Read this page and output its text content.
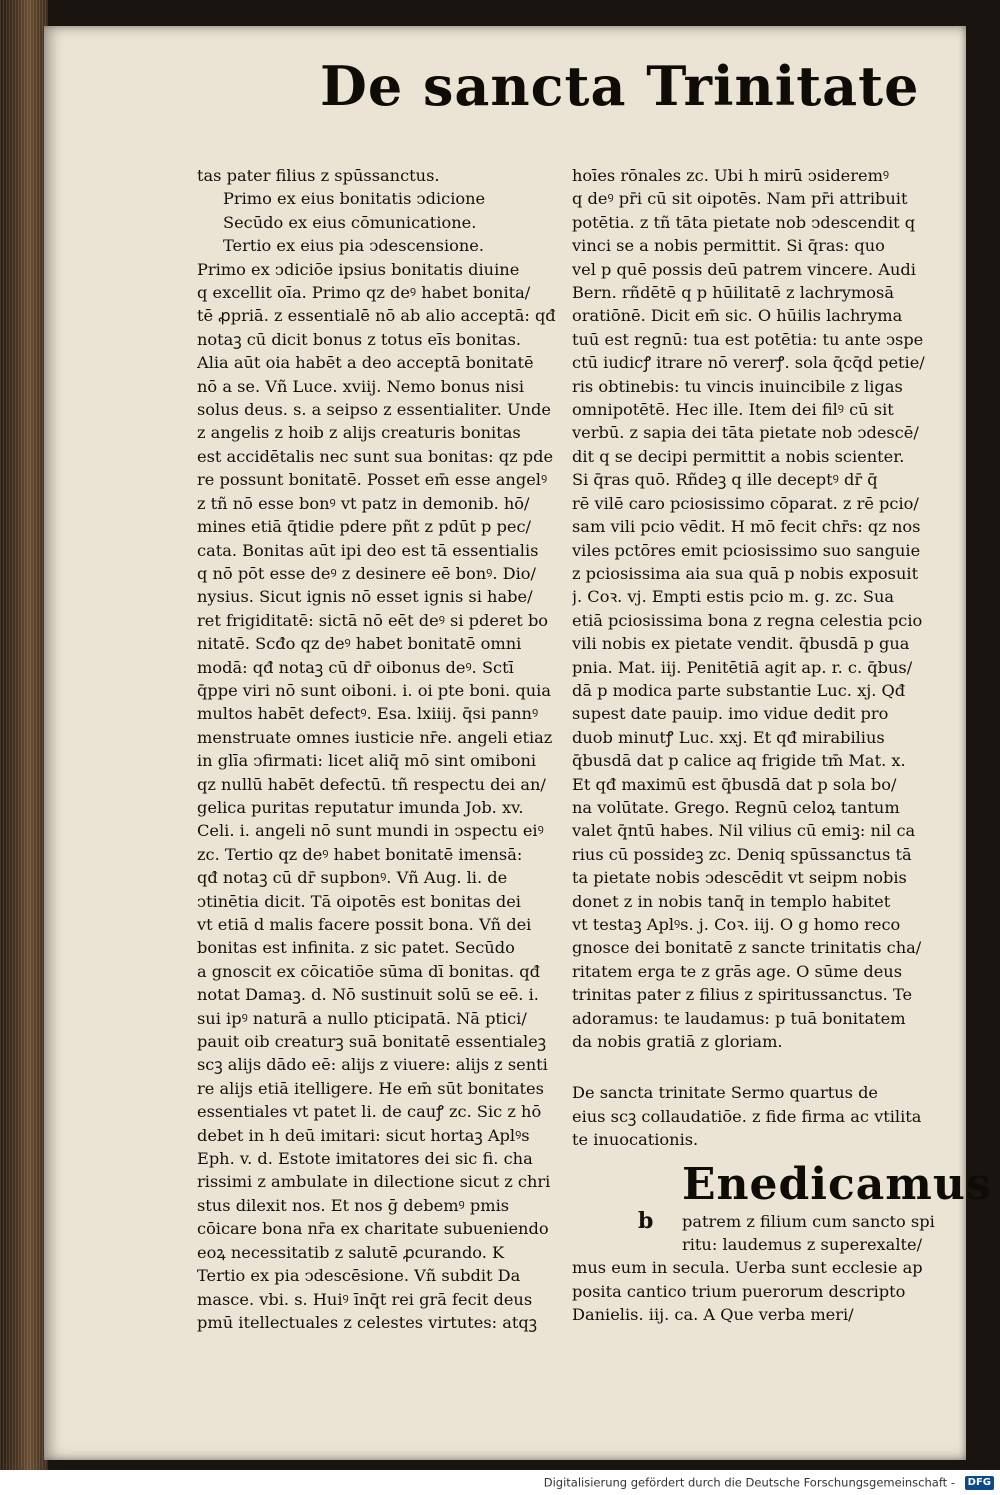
De sancta Trinitate

tas pater filius z spūssanctus.

Primo ex eius bonitatis ↄdicione

Secūdo ex eius cōmunicatione.

Tertio ex eius pia ↄdescensione.

Primo ex ↄdiciōe ipsius bonitatis diuine

q excellit oīa. Primo qz deꝰ habet bonita/

tē ꝓpriā. z essentialē nō ab alio acceptā: qđ

notaꝫ cū dicit bonus z totus eīs bonitas.

Alia aūt oia habēt a deo acceptā bonitatē

nō a se. Vñ Luce. xviij. Nemo bonus nisi

solus deus. s. a seipso z essentialiter. Unde

z angelis z hoib z alijs creaturis bonitas

est accidētalis nec sunt sua bonitas: qz pde

re possunt bonitatē. Posset em̄ esse angelꝰ

z tñ nō esse bonꝰ vt patz in demonib. hō/

mines etiā q̄tidie pdere pñt z pdūt p pec/

cata. Bonitas aūt ipi deo est tā essentialis

q nō pōt esse deꝰ z desinere eē bonꝰ. Dio/

nysius. Sicut ignis nō esset ignis si habe/

ret frigiditatē: sictā nō eēt deꝰ si pderet bo

nitatē. Scđo qz deꝰ habet bonitatē omni

modā: qđ notaꝫ cū dr̄ oibonus deꝰ. Sctī

q̄ppe viri nō sunt oiboni. i. oi pte boni. quia

multos habēt defectꝰ. Esa. lxiiij. q̄si pannꝰ

menstruate omnes iusticie nr̄e. angeli etiaz

in glīa ↄfirmati: licet aliq̄ mō sint omiboni

qz nullū habēt defectū. tñ respectu dei an/

gelica puritas reputatur imunda Job. xv.

Celi. i. angeli nō sunt mundi in ↄspectu eiꝰ

zc. Tertio qz deꝰ habet bonitatē imensā:

qđ notaꝫ cū dr̄ supbonꝰ. Vñ Aug. li. de

ↄtinētia dicit. Tā oipotēs est bonitas dei

vt etiā d malis facere possit bona. Vñ dei

bonitas est infinita. z sic patet. Secūdo

a gnoscit ex cōicatiōe sūma dī bonitas. qđ

notat Damaꝫ. d. Nō sustinuit solū se eē. i.

sui ipꝰ naturā a nullo pticipatā. Nā ptici/

pauit oib creaturꝫ suā bonitatē essentialeꝫ

scꝫ alijs dādo eē: alijs z viuere: alijs z senti

re alijs etiā itelligere. He em̄ sūt bonitates

essentiales vt patet li. de cauꝭ zc. Sic z hō

debet in h deū imitari: sicut hortaꝫ Aplꝰs

Eph. v. d. Estote imitatores dei sic fi. cha

rissimi z ambulate in dilectione sicut z chri

stus dilexit nos. Et nos ḡ debemꝰ pmis

cōicare bona nr̄a ex charitate subueniendo

eoꝝ necessitatib z salutē ꝓcurando. K

Tertio ex pia ↄdescēsione. Vñ subdit Da

masce. vbi. s. Huiꝰ īnq̄t rei grā fecit deus

pmū itellectuales z celestes virtutes: atqꝫ

hoīes rōnales zc. Ubi h mirū ↄsideremꝰ

q deꝰ pr̄i cū sit oipotēs. Nam pr̄i attribuit

potētia. z tñ tāta pietate nob ↄdescendit q

vinci se a nobis permittit. Si q̄ras: quo

vel p quē possis deū patrem vincere. Audi

Bern. rñdētē q p hūilitatē z lachrymosā

oratiōnē. Dicit em̄ sic. O hūilis lachryma

tuū est regnū: tua est potētia: tu ante ↄspe

ctū iudicꝭ itrare nō vererꝭ. sola q̄cq̄d petie/

ris obtinebis: tu vincis inuincibile z ligas

omnipotētē. Hec ille. Item dei filꝰ cū sit

verbū. z sapia dei tāta pietate nob ↄdescē/

dit q se decipi permittit a nobis scienter.

Si q̄ras quō. Rñdeꝫ q ille deceptꝰ dr̄ q̄

rē vilē caro pciosissimo cōparat. z rē pcio/

sam vili pcio vēdit. H mō fecit chr̄s: qz nos

viles pctōres emit pciosissimo suo sanguie

z pciosissima aia sua quā p nobis exposuit

j. Coꝛ. vj. Empti estis pcio m. g. zc. Sua

etiā pciosissima bona z regna celestia pcio

vili nobis ex pietate vendit. q̄busdā p gua

pnia. Mat. iij. Penitētiā agit ap. r. c. q̄bus/

dā p modica parte substantie Luc. xj. Qđ

supest date pauip. imo vidue dedit pro

duob minutꝭ Luc. xxj. Et qđ mirabilius

q̄busdā dat p calice aq frigide tm̄ Mat. x.

Et qđ maximū est q̄busdā dat p sola bo/

na volūtate. Grego. Regnū celoꝝ tantum

valet q̄ntū habes. Nil vilius cū emiꝫ: nil ca

rius cū possideꝫ zc. Deniq spūssanctus tā

ta pietate nobis ↄdescēdit vt seipm nobis

donet z in nobis tanq̄ in templo habitet

vt testaꝫ Aplꝰs. j. Coꝛ. iij. O g homo reco

gnosce dei bonitatē z sancte trinitatis cha/

ritatem erga te z grās age. O sūme deus

trinitas pater z filius z spiritussanctus. Te

adoramus: te laudamus: p tuā bonitatem

da nobis gratiā z gloriam.

De sancta trinitate Sermo quartus de

eius scꝫ collaudatiōe. z fide firma ac vtilita

te inuocationis.

Enedicamus
b	patrem z filium cum sancto spi

ritu: laudemus z superexalte/

mus eum in secula. Uerba sunt ecclesie ap

posita cantico trium puerorum descripto

Danielis. iij. ca. A Que verba meri/

Digitalisierung gefördert durch die Deutsche Forschungsgemeinschaft - DFG
